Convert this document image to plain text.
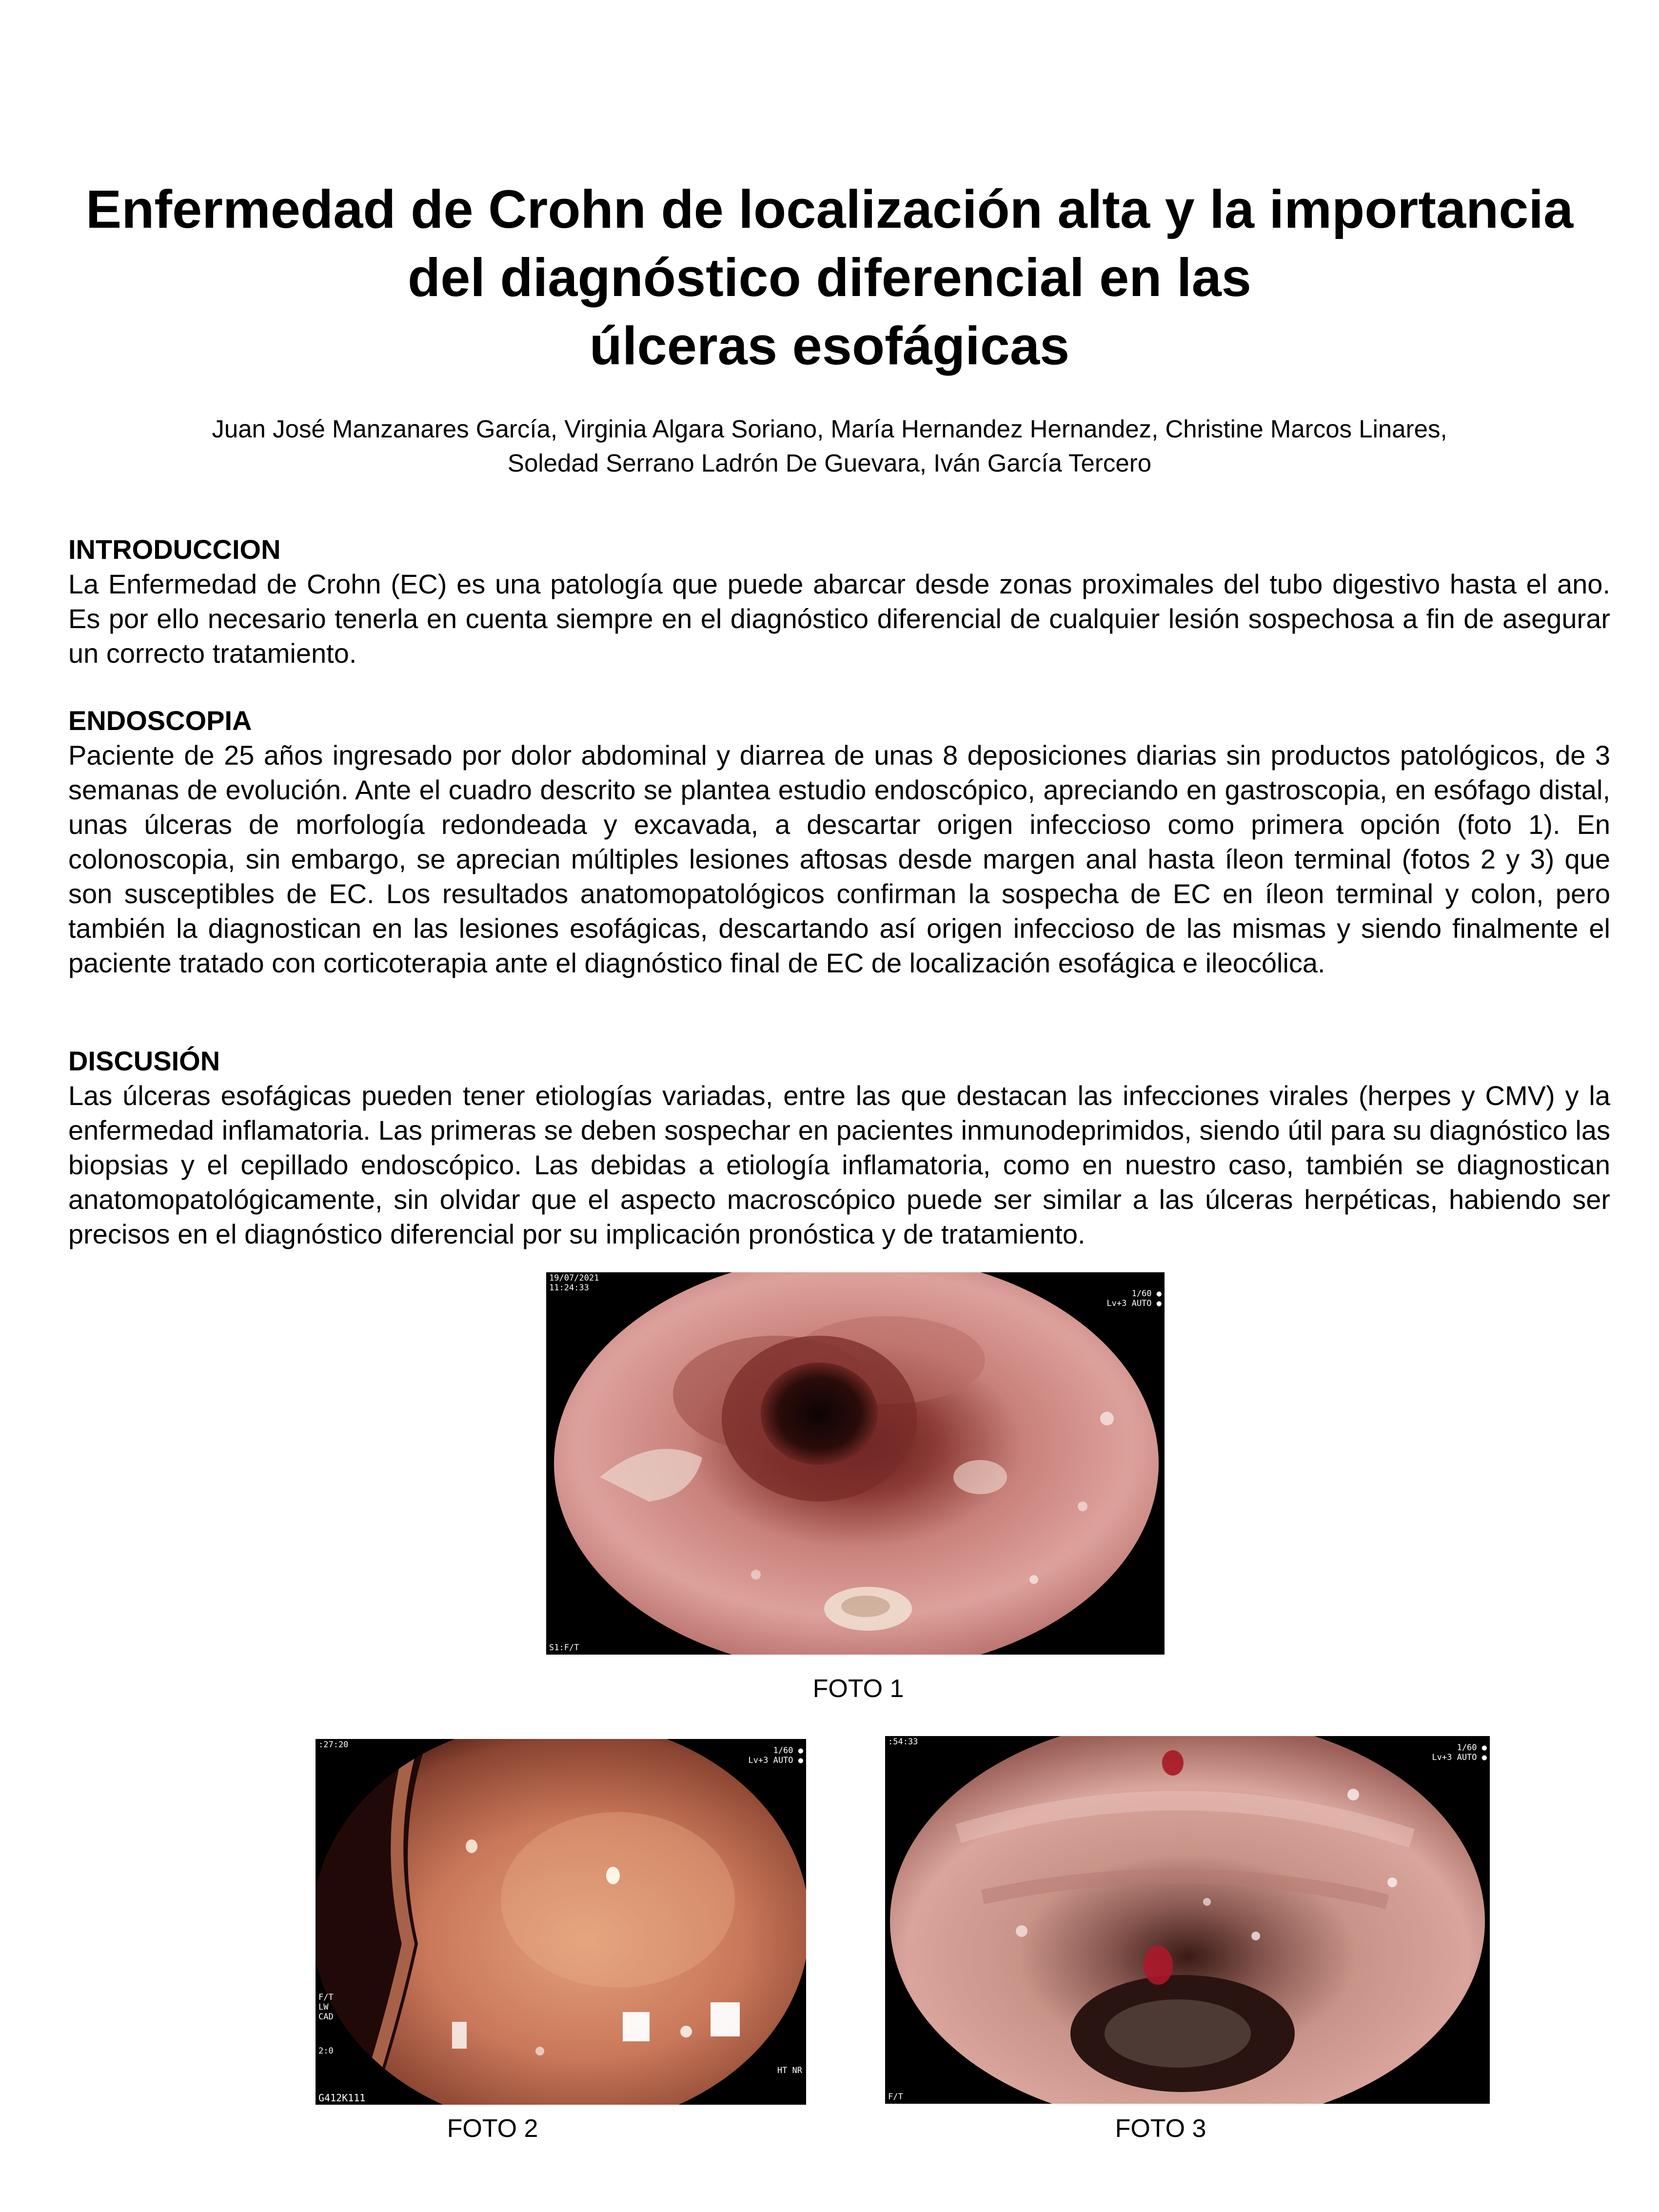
Enfermedad de Crohn de localización alta y la importancia
del diagnóstico diferencial en las
úlceras esofágicas
Juan José Manzanares García, Virginia Algara Soriano, María Hernandez Hernandez, Christine Marcos Linares,
Soledad Serrano Ladrón De Guevara, Iván García Tercero
INTRODUCCION

La Enfermedad de Crohn (EC) es una patología que puede abarcar desde zonas proximales del tubo digestivo hasta el ano. Es por ello necesario tenerla en cuenta siempre en el diagnóstico diferencial de cualquier lesión sospechosa a fin de asegurar un correcto tratamiento.

ENDOSCOPIA

Paciente de 25 años ingresado por dolor abdominal y diarrea de unas 8 deposiciones diarias sin productos patológicos, de 3 semanas de evolución. Ante el cuadro descrito se plantea estudio endoscópico, apreciando en gastroscopia, en esófago distal, unas úlceras de morfología redondeada y excavada, a descartar origen infeccioso como primera opción (foto 1). En colonoscopia, sin embargo, se aprecian múltiples lesiones aftosas desde margen anal hasta íleon terminal (fotos 2 y 3) que son susceptibles de EC. Los resultados anatomopatológicos confirman la sospecha de EC en íleon terminal y colon, pero también la diagnostican en las lesiones esofágicas, descartando así origen infeccioso de las mismas y siendo finalmente el paciente tratado con corticoterapia ante el diagnóstico final de EC de localización esofágica e ileocólica.

DISCUSIÓN

Las úlceras esofágicas pueden tener etiologías variadas, entre las que destacan las infecciones virales (herpes y CMV) y la enfermedad inflamatoria. Las primeras se deben sospechar en pacientes inmunodeprimidos, siendo útil para su diagnóstico las biopsias y el cepillado endoscópico. Las debidas a etiología inflamatoria, como en nuestro caso, también se diagnostican anatomopatológicamente, sin olvidar que el aspecto macroscópico puede ser similar a las úlceras herpéticas, habiendo ser precisos en el diagnóstico diferencial por su implicación pronóstica y de tratamiento.

19/07/2021
11:24:33
1/60 ●
Lv+3 AUTO ●
S1:F/T
FOTO 1
:27:20
1/60 ●
Lv+3 AUTO ●
F/T
LW
CAD
2:0
G412K111
HT NR
FOTO 2
:54:33
1/60 ●
Lv+3 AUTO ●
F/T
FOTO 3
